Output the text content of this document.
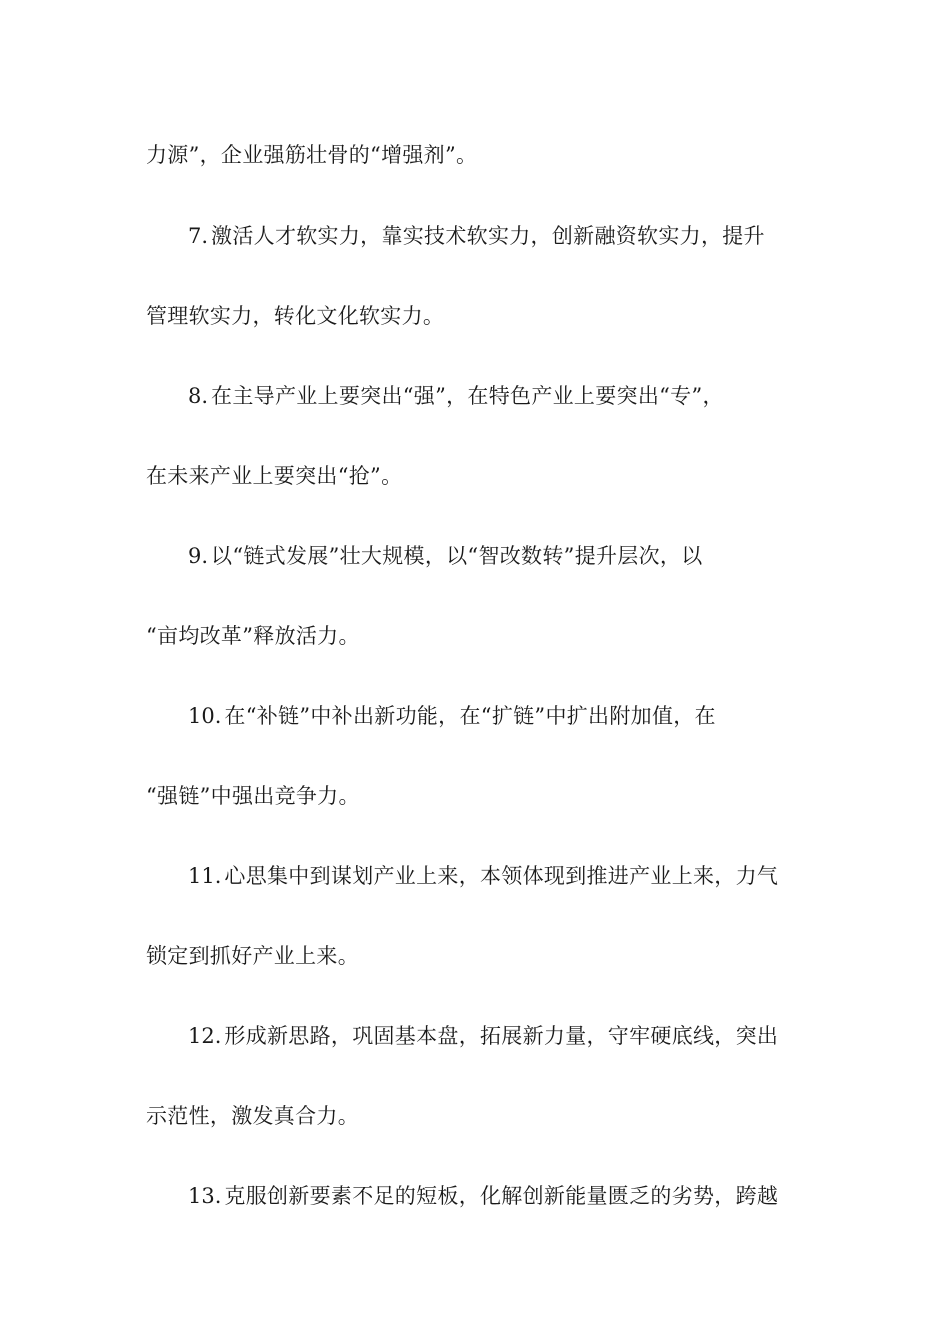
力源”，企业强筋壮骨的“增强剂”。

7. 激活人才软实力，靠实技术软实力，创新融资软实力，提升
管理软实力，转化文化软实力。

8. 在主导产业上要突出“强”，在特色产业上要突出“专”，
在未来产业上要突出“抢”。

9. 以“链式发展”壮大规模，以“智改数转”提升层次，以
“亩均改革”释放活力。

10. 在“补链”中补出新功能，在“扩链”中扩出附加值，在
“强链”中强出竞争力。

11. 心思集中到谋划产业上来，本领体现到推进产业上来，力气
锁定到抓好产业上来。

12. 形成新思路，巩固基本盘，拓展新力量，守牢硬底线，突出
示范性，激发真合力。

13. 克服创新要素不足的短板，化解创新能量匮乏的劣势，跨越
